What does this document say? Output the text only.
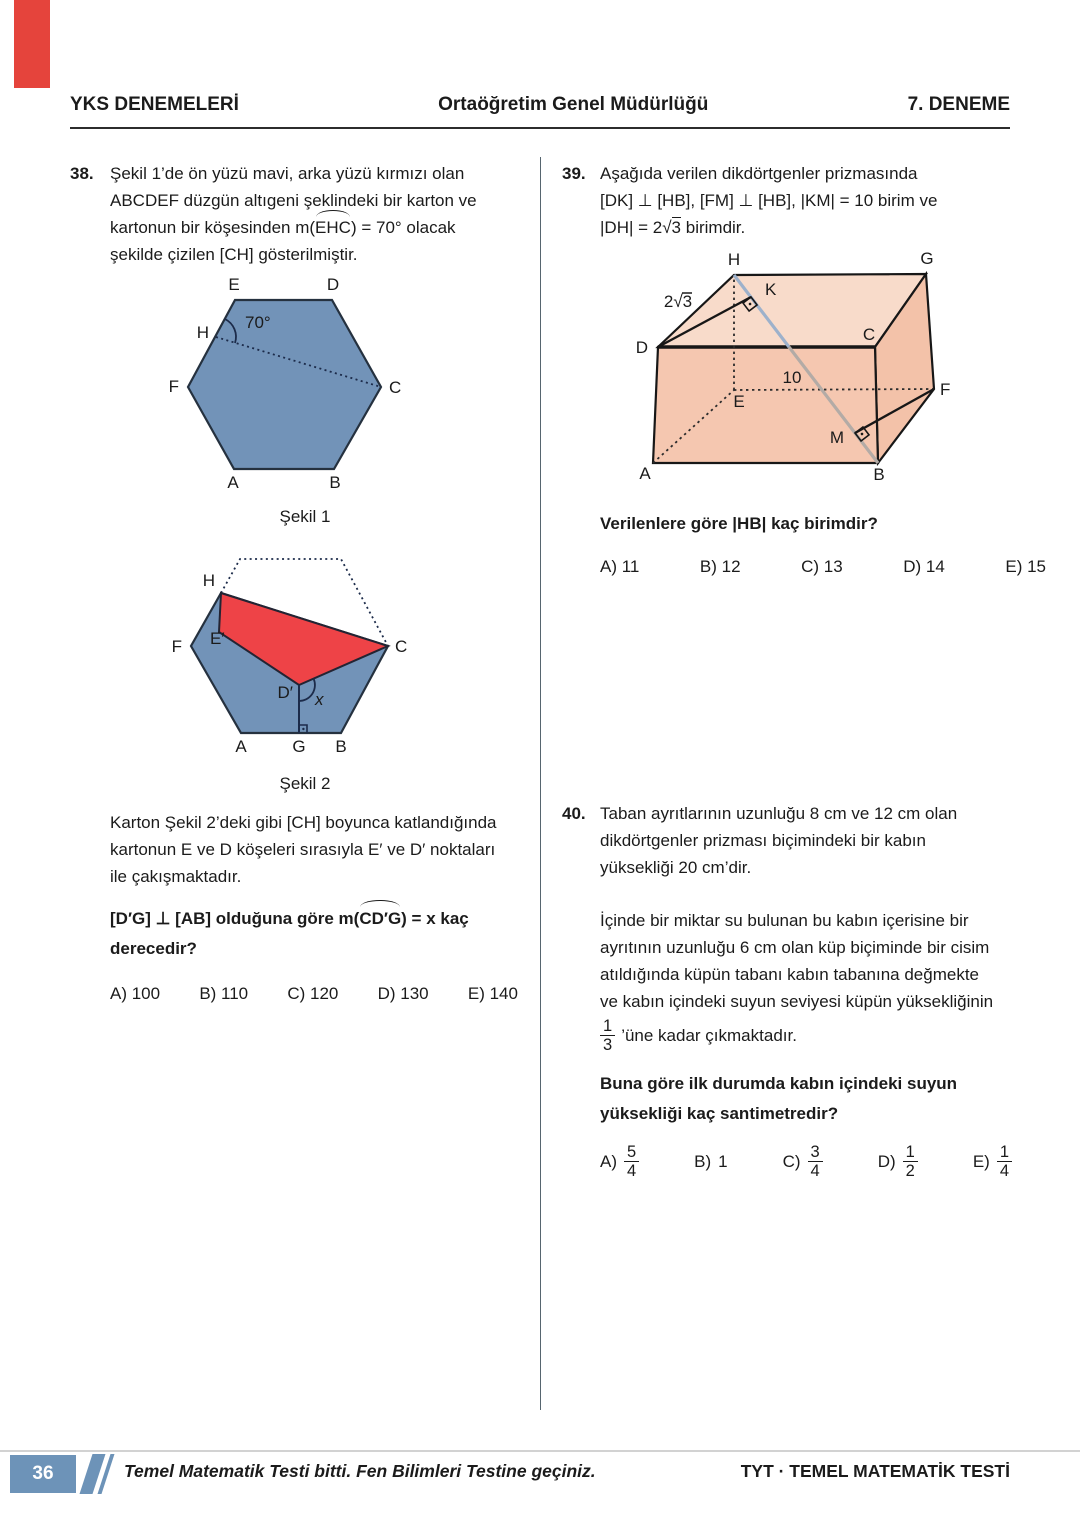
YKS DENEMELERİ	Ortaöğretim Genel Müdürlüğü	7. DENEME
38. Şekil 1’de ön yüzü mavi, arka yüzü kırmızı olan
ABCDEF düzgün altıgeni şeklindeki bir karton ve
kartonun bir köşesinden m(EHC) = 70° olacak
şekilde çizilen [CH] gösterilmiştir.
E	D
H
70°
F	C
A	B
Şekil 1
H
F E′	C
D′ x
A	G B
Şekil 2
Karton Şekil 2’deki gibi [CH] boyunca katlandığında
kartonun E ve D köşeleri sırasıyla E′ ve D′ noktaları
ile çakışmaktadır.
[D′G] ⊥ [AB] olduğuna göre m(CD′G) = x kaç
derecedir?
A) 100 B) 110 C) 120 D) 130 E) 140
39. Aşağıda verilen dikdörtgenler prizmasında
[DK] ⊥ [HB], [FM] ⊥ [HB], |KM| = 10 birim ve
|DH| = 2√3 birimdir.
2√3
10
H	G
D
C
E
F
A	B
K
M
Verilenlere göre |HB| kaç birimdir?
A) 11	B) 12	C) 13	D) 14	E) 15
40. Taban ayrıtlarının uzunluğu 8 cm ve 12 cm olan
dikdörtgenler prizması biçimindeki bir kabın
yüksekliği 20 cm’dir.
İçinde bir miktar su bulunan bu kabın içerisine bir
ayrıtının uzunluğu 6 cm olan küp biçiminde bir cisim
atıldığında küpün tabanı kabın tabanına değmekte
ve kabın içindeki suyun seviyesi küpün yüksekliğinin
$\frac{1}{3}$ ’üne kadar çıkmaktadır.
Buna göre ilk durumda kabın içindeki suyun
yüksekliği kaç santimetredir?
$A) \frac{5}{4}$	B) 1	$C) \frac{3}{4}$	$D) \frac{1}{2}$	$E) \frac{1}{4}$
36	Temel Matematik Testi bitti. Fen Bilimleri Testine geçiniz.	TYT · TEMEL MATEMATİK TESTİ
